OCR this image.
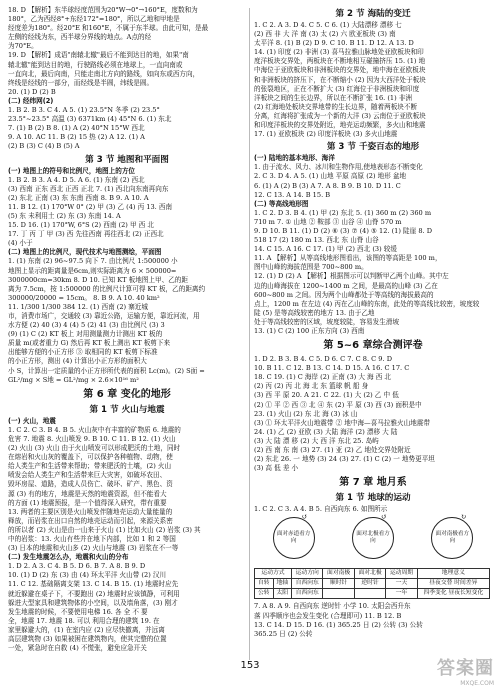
18. D 【解析】东半球经度范围为20°W→0°→160°E，度数和为
180°，乙为西经8°+东经172°=180°，所以乙地和甲地是
经度差为180°。经20°E 和160°E，不属于东半球。由此可知，是最
左侧的经线为东，西半球分界线的地点。A点的经
为70°E。
19. D 【解析】成语"南辕北辙"最后不能到达目的地，如果"南
辕北辙"能到达目的地，行驶路线必须在地球上，一直向南或
一直向北，最后向南，只能走南北方向的路线，如向东或西方向，
终线是经线的一部分，而经线是半圆，纬线是圆。
20. (1) D (2) B
(二) 经纬网(2)
1. B 2. B 3. C 4. A 5. (1) 23.5°N 冬季 (2) 23.5°
23.5°~23.5° 高温 (3) 6371km (4) 45°N 6. (1) 东北
7. (1) B (2) B 8. (1) A (2) 40°N 15°W 西北
9. A 10. AC 11. B (2) 15 热 (2) A 12. (1) A
(2) B (3) C (4) B (5) A
第 3 节 地图和平面图
(一) 地图上的符号和比例尺，地图上的方位
1. B 2. B 3. A 4. D 5. A 6. (1) 东南 (2) 西北
(3) 西南 正东 西北 正西 正北 7. (1) 西北向东南再向东
(2) 东北 正南 (3) 东 东南 西南 8. B 9. A 10. A
11. B 12. (1) 170°W 0° (2) 甲 (3) 乙 (4) 丙 13. 西南
(5) 东 未利用土 (2) 东 (3) 东南 14. A
15. D 16. (1) 170°W, 6°S (2) 西南 (2) 甲 西 北
17. 丁 丙 丁 甲 (3) 西 先往西南 再往西北 (2) 正西北
(4) 小于
(二) 地图上的比例尺，现代技术与地图测绘，平面图
1. (1) 东南 (2) 96~97.5 向下 7. 由比例尺 1:500000 小
地图上显示的距离量是6cm,则实际距离为 6 × 500000=
3000000cm=30km 8. D 10. 已知 KT 板地图上甲、乙的距
离为 7.5cm，按 1:500000 的比例尺计算可得 KT 板，乙的距离约
300000/20000 = 15cm。 8. B 9. A 10. 40 km²
11. 1/300 1/300 384 12. (1) 西南 (2) 寨近城
市，消费市场广，交通较 (3) 靠近公路，运输方便，靠近河流，用
水方便 (2) 40 (3) 4 (4) 5 (2) 41 (3) 由比例尺 (3) 3
(9) (1) C (2) KT 板上 对用测量测力计测出 KT 板的
质量 m(或者重力 G) 然后再 KT 板上测出 KT 板剪下来
出能够方便的小正方形 ③ 取相同的 KT 板剪下标准
的小正方形，测出 (4) 计算出小正方形的面积大
小 S，计算出一定质量的小正方形所代表的面积 Lc(m)。(2) S面 =
GL²/mg × S地 = GL²/mg × 2.6×10¹⁶ m²
第 6 章 变化的地形
第 1 节 火山与地震
(一) 火山，地震
1. C 2. C 3. B 4. B 5. 火山灰中有丰富的矿物质 6. 地震的
危害 7. 地震 8. 火山喷发 9. B 10. C 11. B 12. (1) 火山
(2) 火山 (3) 火山 由于火山喷发可以形成肥沃的土地，同时
在熔岩和火山灰的覆盖下，可以保护各种植物、动物，使
给人类生产和生活带来帮助；带来肥沃的土壤，(2) 火山
喷发会给人类生产和生活带来巨大灾害，如破坏农田、
毁坏房屋、道路，造成人员伤亡、破坏、矿产、黑色、资
源 (3) 有的地方，地震是天然的地震资源，但不能看大
的方面 (1) 地震预报，是一个值得深入研究，带有重要
13. 两者的主要区别是火山喷发伴随地壳运动大量能量的
释放，而岩浆在出口自然的地壳运动而引起，来源关系密
的所以者 (2) 火山是由一山来于火山 (1) 比如火山 (2) 岩浆 (3) 其
中的岩浆：13. 火山有些并在地下内部，比如 1 和 2 等国
(3) 日本的地震和火山多 (2) 火山与地震 (3) 岩浆在不一等
(二) 发生地震怎么办，地震和火山的分布
1. D 2. A 3. C 4. B 5. D 6. B 7. A 8. B 9. D
10. (1) D (2) 东 (3) 由 (4) 环太平洋 火山带 (2) 汉川
11. C 12. 基础隔离支架 13. C 14. B 15. (1) 地震时应先
就近躲避在桌子下，不要跑出 (2) 地震时应该镇静，可利用
躲进大型家具和建筑物体的小空间，以及墙角落，(3) 刚才
发生地震的时候，不要使用电梯 16. 各 全 不 要
全，地震 17. 地震 18. 可以 利用合理的建筑 19. 在
家里躲避大的，(1) 在室内应 (2) 应尽快撤离，并远离
高层建筑物 (3) 如果被困在建筑物内，使其完整的位置
一处，紧急时在自救 (4) 不慌张，避免应急开关
第 2 节 海陆的变迁
1. C 2. A 3. D 4. C 5. C 6. (1) 大陆漂移 漂移 七
(2) 西 非 大 洋 南 (3) 太 (2) 六 欧亚板块 (3) 南
太平洋 8. (1) B (2) D 9. C 10. B 11. D 12. A 13. D
14. (1) 印度 (2) 非洲 (3) 喜马拉雅山脉地处亚欧板块和印
度洋板块交界处，两板块在不断地相互碰撞挤压 15. (1) 地
中海位于亚欧板块和非洲板块的交界处，地中海在亚欧板块
和非洲板块的挤压下，在不断缩小 (2) 因为大西洋处于板块
的张裂地区，正在不断扩大 (3) 红海位于非洲板块和印度
洋板块之间的生长边界，所以在不断扩张 16. (1) 非洲
(2) 红海地处板块交界地带的生长边界，随着两板块不断
分离，红海将扩张成为一个新的大洋 (3) 云南位于亚欧板块
和印度洋板块的交界处附近，地壳运动频繁，多火山和地震
17. (1) 亚欧板块 (2) 印度洋板块 (3) 多火山地震
第 3 节 千姿百态的地形
(一) 陆地的基本地形、海洋
1. 由于流水、风力、冰川和生物作用,使地表形态不断变化
2. C 3. D 4. A 5. (1) 山地 平原 高原 (2) 地形 盆地
6. (1) A (2) B (3) A 7. A 8. B 9. B 10. D 11. C
12. C 13. A 14. B 15. B
(二) 等高线地形图
1. C 2. D 3. B 4. (1) 甲 (2) 东北 5. (1) 360 m (2) 360 m
710 m 7. ① 山地 ② 鞍部 ③ 山谷 ④ 山脊 570 m
9. D 10. B 11. (1) D (2) ⑥ (3) ⑦ (4) ⑤ 12. (1) 陡崖 8. D
518 17 (2) 180 m 13. 西北 东 山脊 山谷
14. C 15. A 16. C 17. (1) 甲 (2) 西北 (3) 较缓
11. A 【解析】从等高线地形图看出，该图的等高距是 100 m，
图中山峰的海拔范围是 700~800 m。
12. (1) D (2) A 【解析】根据图示可以判断甲乙两个山峰。其中左
边的山峰海拔在 1200~1400 m 之间，是最高的山峰 (3) 乙在
600~800 m 之间。因为两个山峰都处于等高线的海拔最高的
点上，1200 m 在左边 (4) 丙在乙山峰的东南，此处的等高线比较密，坡度较
陡 (5) 是等高线较密的地方 13. 由于乙地
处于等高线较密的区域，坡度较陡，容易发生滑坡
13. (1) C (2) 100 正东方向 (3) 西南
第 5~6 章综合测评卷
1. D 2. B 3. B 4. C 5. D 6. C 7. C 8. C 9. D
10. B 11. C 12. B 13. C 14. D 15. A 16. C 17. C
18. C 19. (1) C 海岸 (2) 正南 (3) 大 海 西 北
(2) 丙 (2) 丙 北 海 北 东 篮球 帆 船 身
(3) 西 平 原 20. A 21. C 22. (1) 大 (2) 乙 中 低
(2) ① 平 ② 西 ③ 北 ④ 东 (2) 平 原 (3) 西 (3) 面积是中
23. (1) 火山 (2) 东 北 海 (3) 冰 山
(3) ① 环太平洋火山地震带 ② 地中海—喜马拉雅火山地震带
24. (1) 乙 (2) 亚欧 (3) 大陆 海洋 (2) 漂移 大 陆
(3) 大 陆 漂 移 (2) 大 西 洋 东北 25. 岛屿
(2) 西 南 东 南 (3) 27. (1) 亚 (2) 乙 地处交界处附近
(2) 东北 26. 一 地势 (3) 24 (3) 27. (1) C (2) 一 地势更平坦
(3) 高 低 差 小
第 7 章 地月系
第 1 节 地球的运动
1. C 2. C 3. A 4. B 5. 自西向东 6. 如图所示
↺
面对赤道看方向
↺
面对北极看方向
↻
面对南极看方向
运动方式		运动方向	面对南极	面对北极	运动周期	地理意义
自转	地轴	自西向东	顺时针	逆时针	一天	昼夜交替 时间差异
公转	太阳	自西向东			一年	四季变化 昼夜长短变化
7. A 8. A 9. 自西向东 逆时针 小学 10. 太阳会西升东
落 四季顺序也会发生变化 (合理即可) 11. B 12. B
13. C 14. D 15. D 16. (1) 365.25 日 (2) 公转 (3) 公转
365.25 日 (2) 公转
153	答案圈
MXQE.COM
